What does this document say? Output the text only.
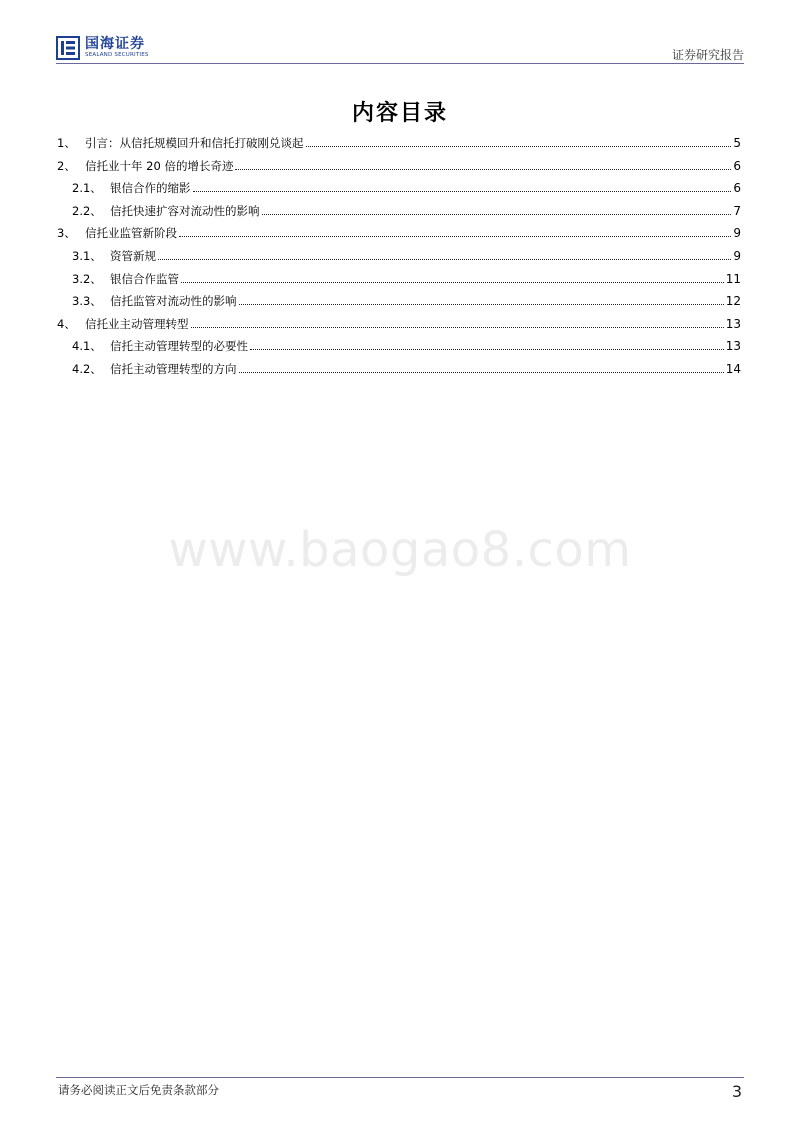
国海证券
SEALAND SECURITIES	证券研究报告
内容目录
1、 引言：从信托规模回升和信托打破刚兑谈起	5
2、 信托业十年 20 倍的增长奇迹	6
2.1、 银信合作的缩影	6
2.2、 信托快速扩容对流动性的影响	7
3、 信托业监管新阶段	9
3.1、 资管新规	9
3.2、 银信合作监管	11
3.3、 信托监管对流动性的影响	12
4、 信托业主动管理转型	13
4.1、 信托主动管理转型的必要性	13
4.2、 信托主动管理转型的方向	14
www.baogao8.com
请务必阅读正文后免责条款部分	3
